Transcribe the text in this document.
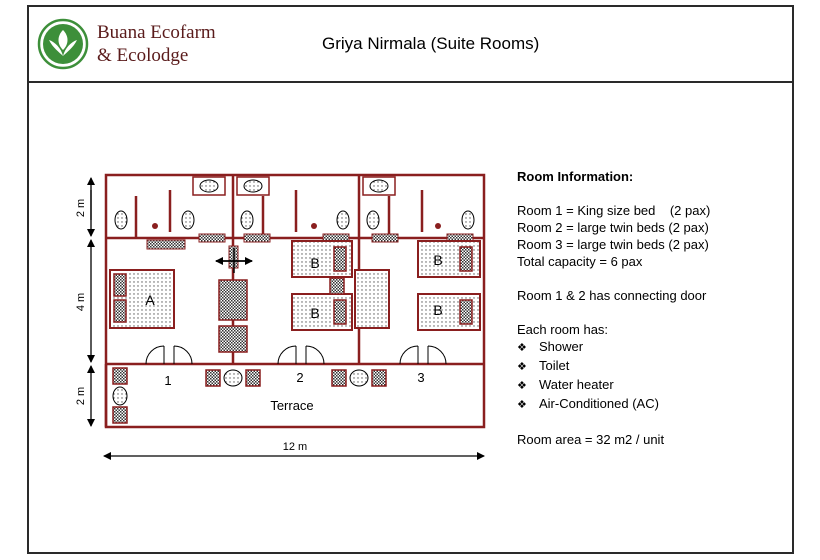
Buana Ecofarm
& Ecolodge
Griya Nirmala (Suite Rooms)
2 m
4 m
2 m
12 m
A
B
B
B
B
1	2	3
Terrace
Room Information:
Room 1 = King size bed    (2 pax)
Room 2 = large twin beds (2 pax)
Room 3 = large twin beds (2 pax)
Total capacity = 6 pax
Room 1 & 2 has connecting door
Each room has:
❖ Shower
❖ Toilet
❖ Water heater
❖ Air-Conditioned (AC)
Room area = 32 m2 / unit
